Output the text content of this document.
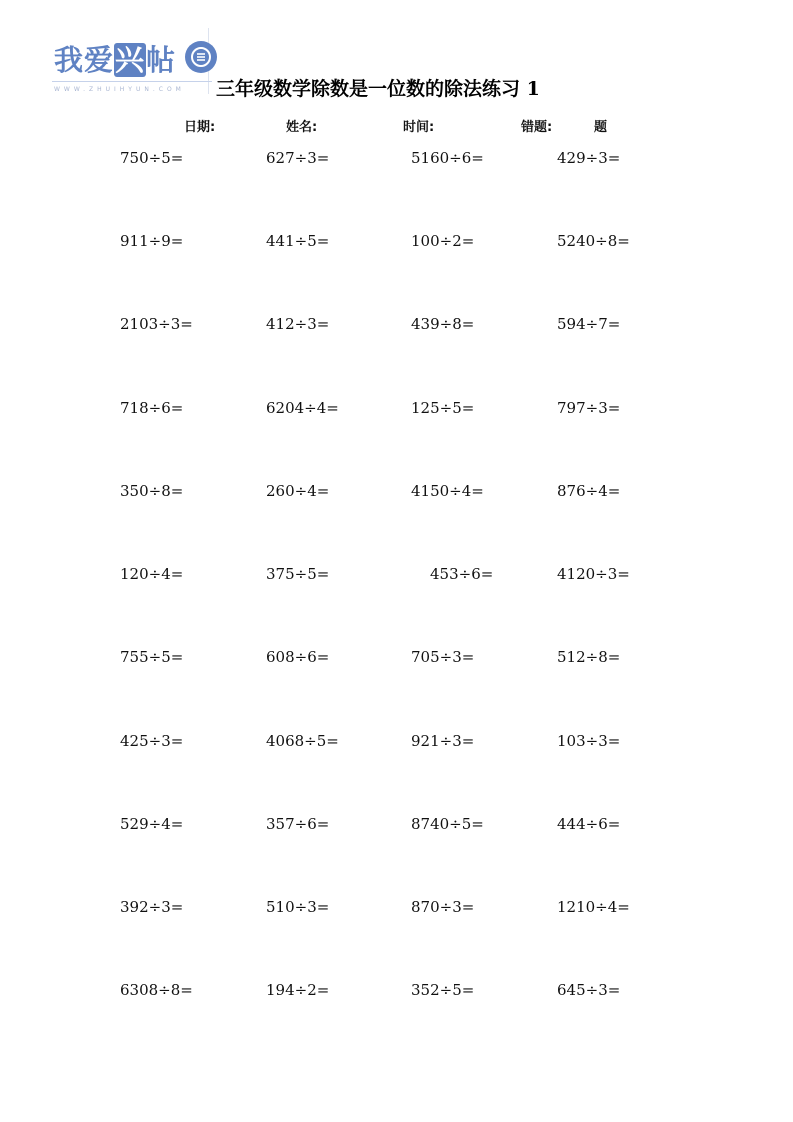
我爱兴帖
WWW.ZHUIHYUN.COM 三年级数学除数是一位数的除法练习 1
日期:	姓名:	时间:	错题:	题
750÷5=	627÷3=	5160÷6=	429÷3=
911÷9=	441÷5=	100÷2=	5240÷8=
2103÷3=	412÷3=	439÷8=	594÷7=
718÷6=	6204÷4=	125÷5=	797÷3=
350÷8=	260÷4=	4150÷4=	876÷4=
120÷4=	375÷5=	453÷6=	4120÷3=
755÷5=	608÷6=	705÷3=	512÷8=
425÷3=	4068÷5=	921÷3=	103÷3=
529÷4=	357÷6=	8740÷5=	444÷6=
392÷3=	510÷3=	870÷3=	1210÷4=
6308÷8=	194÷2=	352÷5=	645÷3=
